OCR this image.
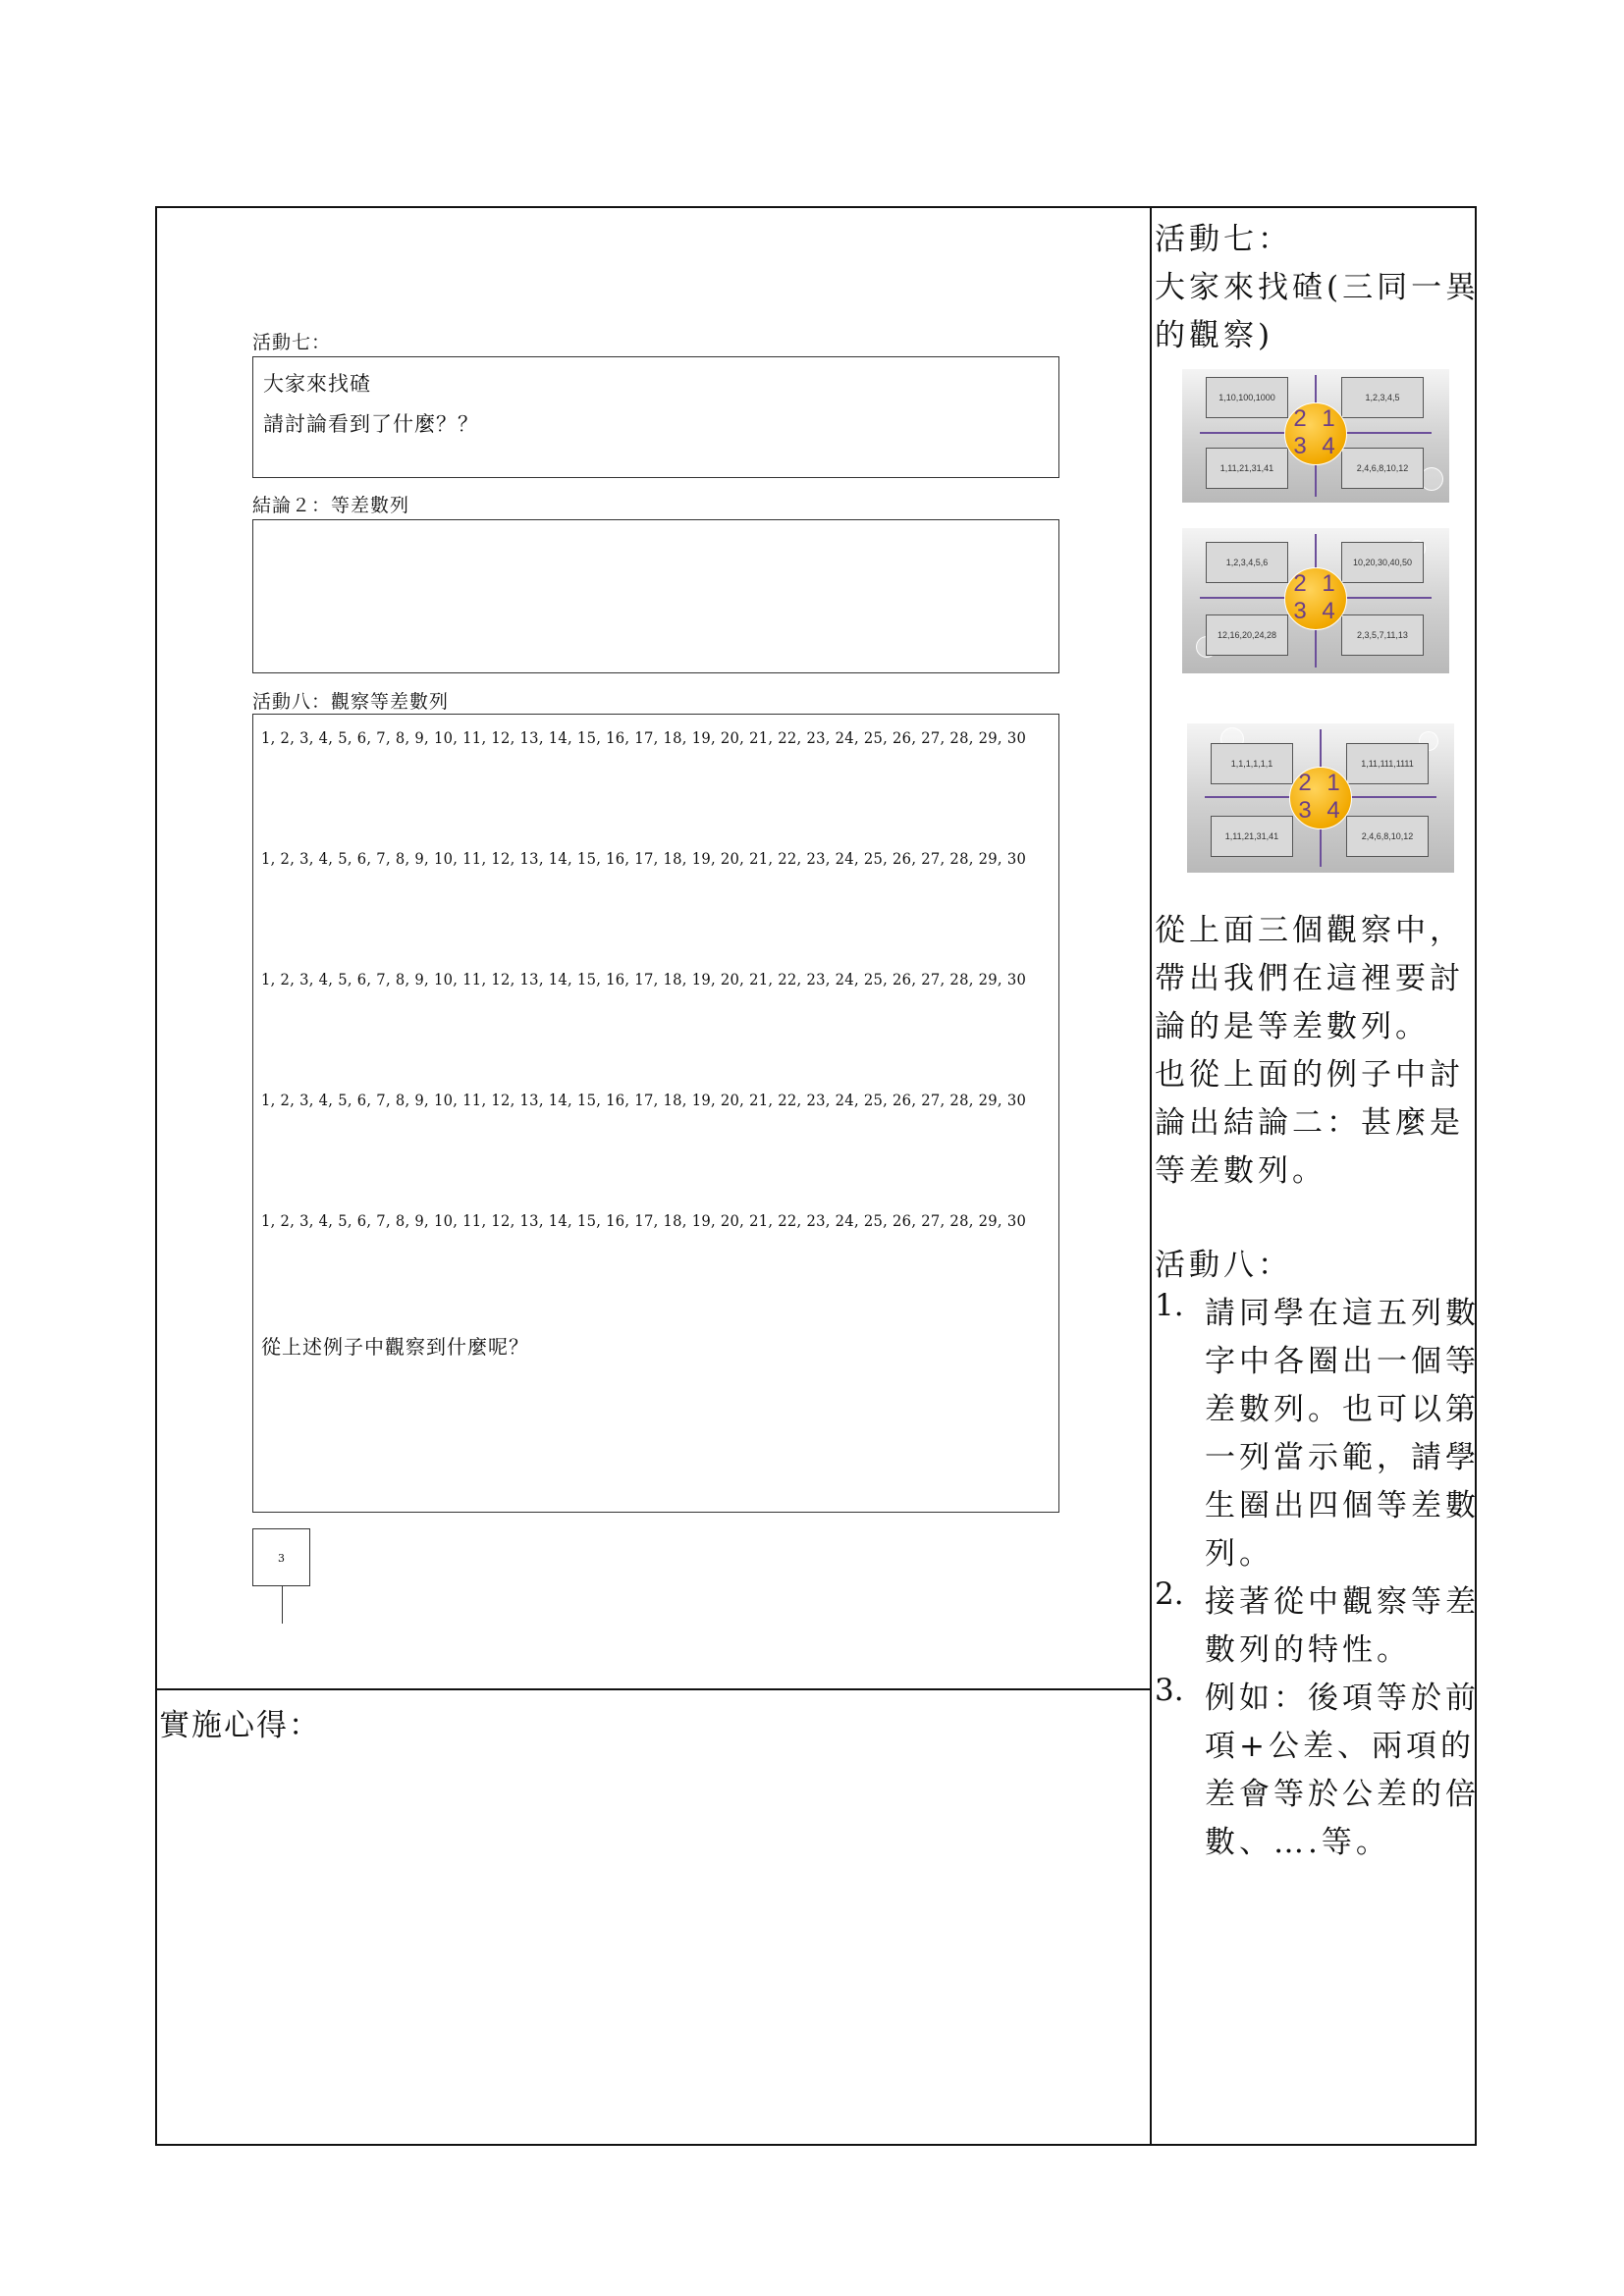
活動七：
大家來找碴
請討論看到了什麼？？
結論２：等差數列
活動八：觀察等差數列
1, 2, 3, 4, 5, 6, 7, 8, 9, 10, 11, 12, 13, 14, 15, 16, 17, 18, 19, 20, 21, 22, 23, 24, 25, 26, 27, 28, 29, 30
1, 2, 3, 4, 5, 6, 7, 8, 9, 10, 11, 12, 13, 14, 15, 16, 17, 18, 19, 20, 21, 22, 23, 24, 25, 26, 27, 28, 29, 30
1, 2, 3, 4, 5, 6, 7, 8, 9, 10, 11, 12, 13, 14, 15, 16, 17, 18, 19, 20, 21, 22, 23, 24, 25, 26, 27, 28, 29, 30
1, 2, 3, 4, 5, 6, 7, 8, 9, 10, 11, 12, 13, 14, 15, 16, 17, 18, 19, 20, 21, 22, 23, 24, 25, 26, 27, 28, 29, 30
1, 2, 3, 4, 5, 6, 7, 8, 9, 10, 11, 12, 13, 14, 15, 16, 17, 18, 19, 20, 21, 22, 23, 24, 25, 26, 27, 28, 29, 30
從上述例子中觀察到什麼呢？
3
實施心得：
活動七：
大家來找碴(三同一異
的觀察)
1,10,100,1000	1,2,3,4,5
1,11,21,31,41	2,4,6,8,10,12
2 1
3 4
1,2,3,4,5,6	10,20,30,40,50
12,16,20,24,28	2,3,5,7,11,13
2 1
3 4
1,1,1,1,1,1	1,11,111,1111
1,11,21,31,41	2,4,6,8,10,12
2 1
3 4
從上面三個觀察中，
帶出我們在這裡要討
論的是等差數列。
也從上面的例子中討
論出結論二：甚麼是
等差數列。
活動八：
1. 請同學在這五列數
字中各圈出一個等
差數列。也可以第
一列當示範，請學
生圈出四個等差數
列。
2. 接著從中觀察等差
數列的特性。
3. 例如：後項等於前
項+公差、兩項的
差會等於公差的倍
數、….等。
